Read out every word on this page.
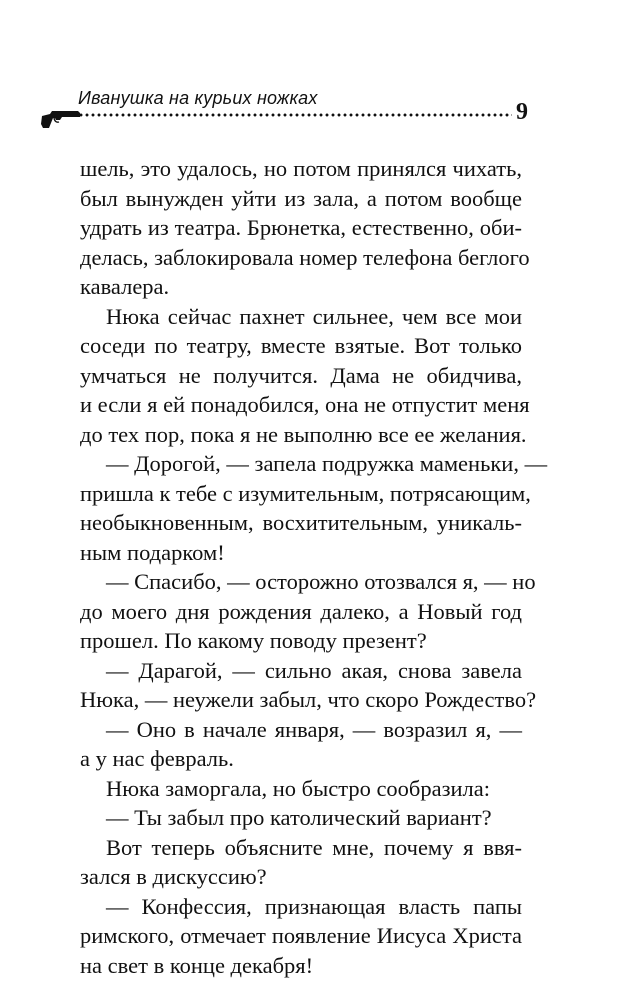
Иванушка на курьих ножках
9
шель, это удалось, но потом принялся чихать,
был вынужден уйти из зала, а потом вообще
удрать из театра. Брюнетка, естественно, оби-
делась, заблокировала номер телефона беглого
кавалера.
Нюка сейчас пахнет сильнее, чем все мои
соседи по театру, вместе взятые. Вот только
умчаться не получится. Дама не обидчива,
и если я ей понадобился, она не отпустит меня
до тех пор, пока я не выполню все ее желания.
— Дорогой, — запела подружка маменьки, —
пришла к тебе с изумительным, потрясающим,
необыкновенным, восхитительным, уникаль-
ным подарком!
— Спасибо, — осторожно отозвался я, — но
до моего дня рождения далеко, а Новый год
прошел. По какому поводу презент?
— Дарагой, — сильно акая, снова завела
Нюка, — неужели забыл, что скоро Рождество?
— Оно в начале января, — возразил я, —
а у нас февраль.
Нюка заморгала, но быстро сообразила:
— Ты забыл про католический вариант?
Вот теперь объясните мне, почему я ввя-
зался в дискуссию?
— Конфессия, признающая власть папы
римского, отмечает появление Иисуса Христа
на свет в конце декабря!
